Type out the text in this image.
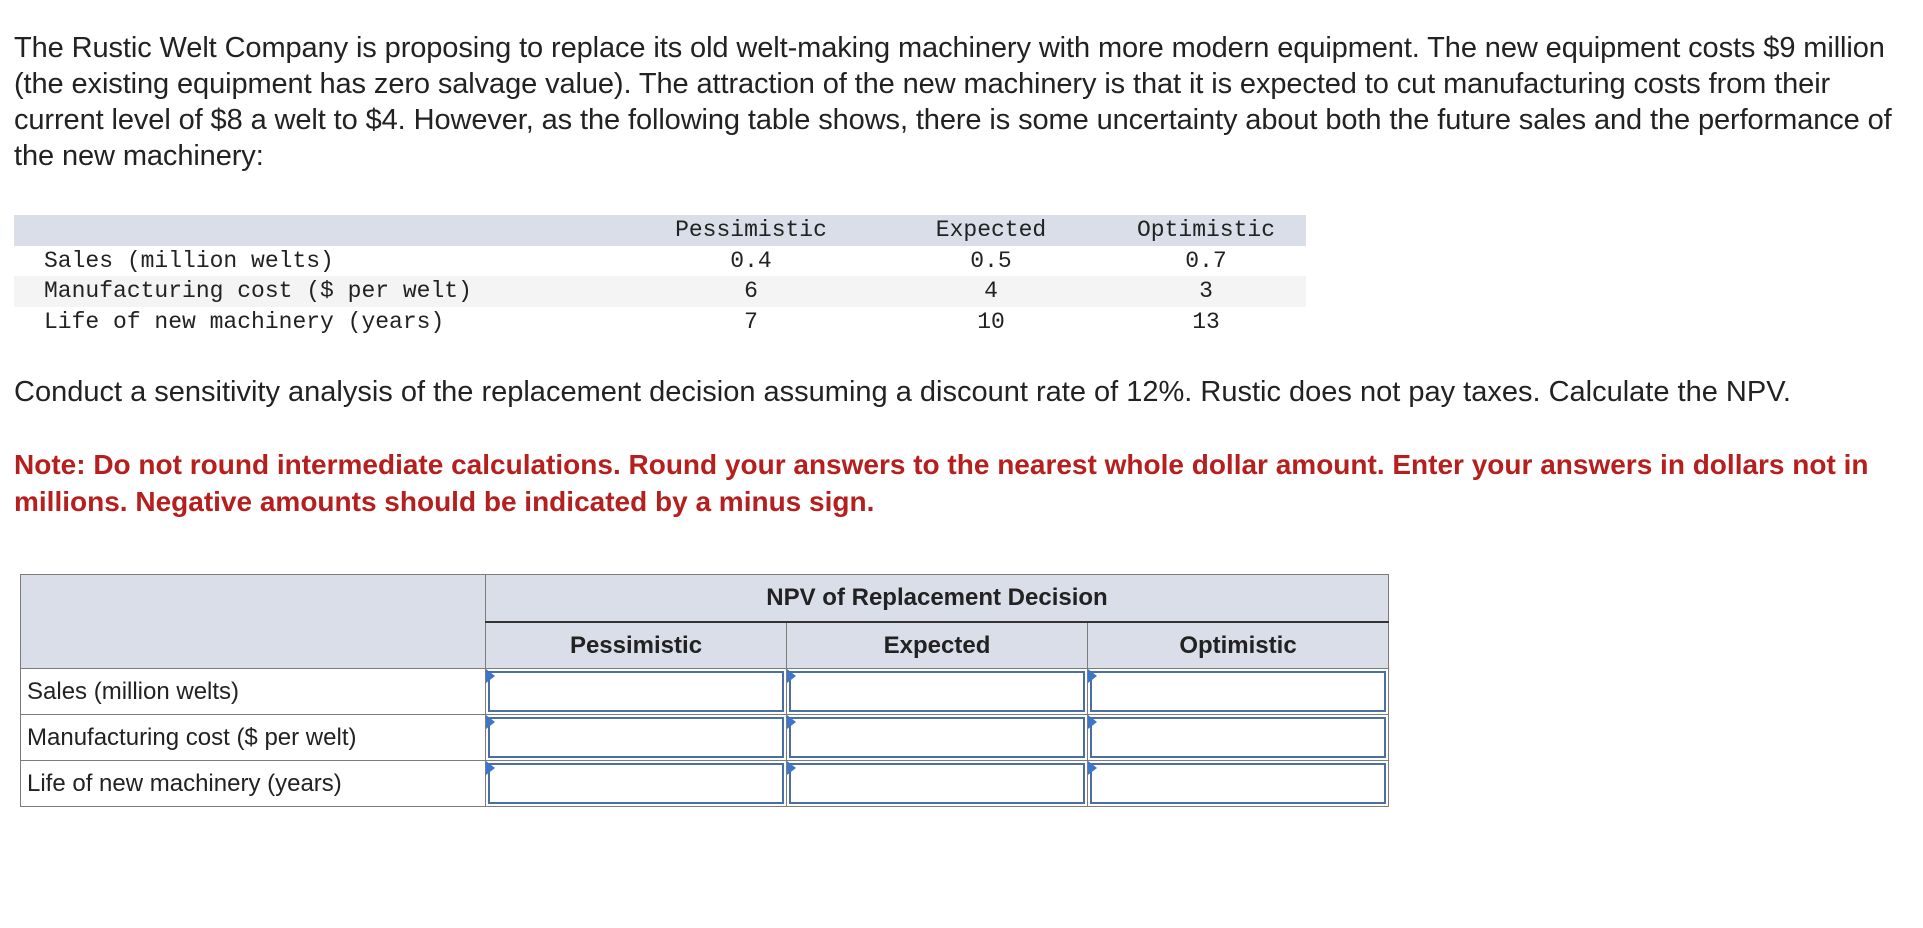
The Rustic Welt Company is proposing to replace its old welt-making machinery with more modern equipment. The new equipment costs $9 million (the existing equipment has zero salvage value). The attraction of the new machinery is that it is expected to cut manufacturing costs from their current level of $8 a welt to $4. However, as the following table shows, there is some uncertainty about both the future sales and the performance of the new machinery:

	Pessimistic	Expected	Optimistic
Sales (million welts)	0.4	0.5	0.7
Manufacturing cost ($ per welt)	6	4	3
Life of new machinery (years)	7	10	13

Conduct a sensitivity analysis of the replacement decision assuming a discount rate of 12%. Rustic does not pay taxes. Calculate the NPV.

Note: Do not round intermediate calculations. Round your answers to the nearest whole dollar amount. Enter your answers in dollars not in millions. Negative amounts should be indicated by a minus sign.

	NPV of Replacement Decision		
	Pessimistic	Expected	Optimistic
Sales (million welts)	

Manufacturing cost ($ per welt)	

Life of new machinery (years)	
